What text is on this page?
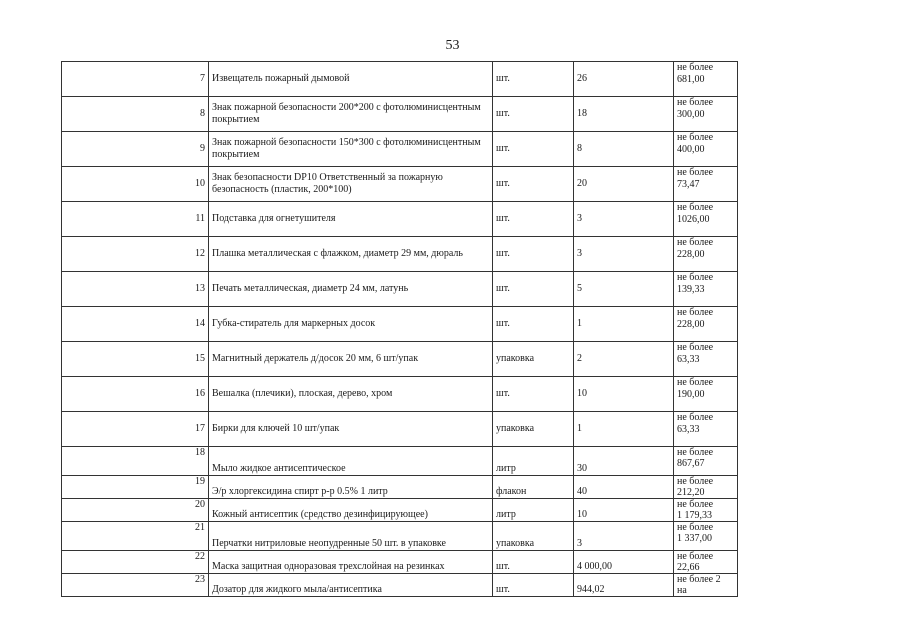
53
7	Извещатель пожарный дымовой	шт.	26	не более
681,00

8	Знак пожарной безопасности 200*200 с фотолюминисцентным покрытием	шт.	18	не более
300,00

9	Знак пожарной безопасности 150*300 с фотолюминисцентным покрытием	шт.	8	не более
400,00

10	Знак безопасности DP10 Ответственный за пожарную безопасность (пластик, 200*100)	шт.	20	не более
73,47

11	Подставка для огнетушителя	шт.	3	не более
1026,00

12	Плашка металлическая с флажком, диаметр 29 мм, дюраль	шт.	3	не более
228,00

13	Печать металлическая, диаметр 24 мм, латунь	шт.	5	не более
139,33

14	Губка-стиратель для маркерных досок	шт.	1	не более
228,00

15	Магнитный держатель д/досок 20 мм, 6 шт/упак	упаковка	2	не более
63,33

16	Вешалка (плечики), плоская, дерево, хром	шт.	10	не более
190,00

17	Бирки для ключей 10 шт/упак	упаковка	1	не более
63,33

18	Мыло жидкое антисептическое	литр	30	не более
867,67

19	Э/р хлоргексидина спирт р-р 0.5% 1 литр	флакон	40	не более
212,20

20	Кожный антисептик (средство дезинфицирующее)	литр	10	не более
1 179,33

21	Перчатки нитриловые неопудренные 50 шт. в упаковке	упаковка	3	не более
1 337,00

22	Маска защитная одноразовая трехслойная на резинках	шт.	4 000,00	не более
22,66

23	Дозатор для жидкого мыла/антисептика	шт.	944,02	не более 2
на
